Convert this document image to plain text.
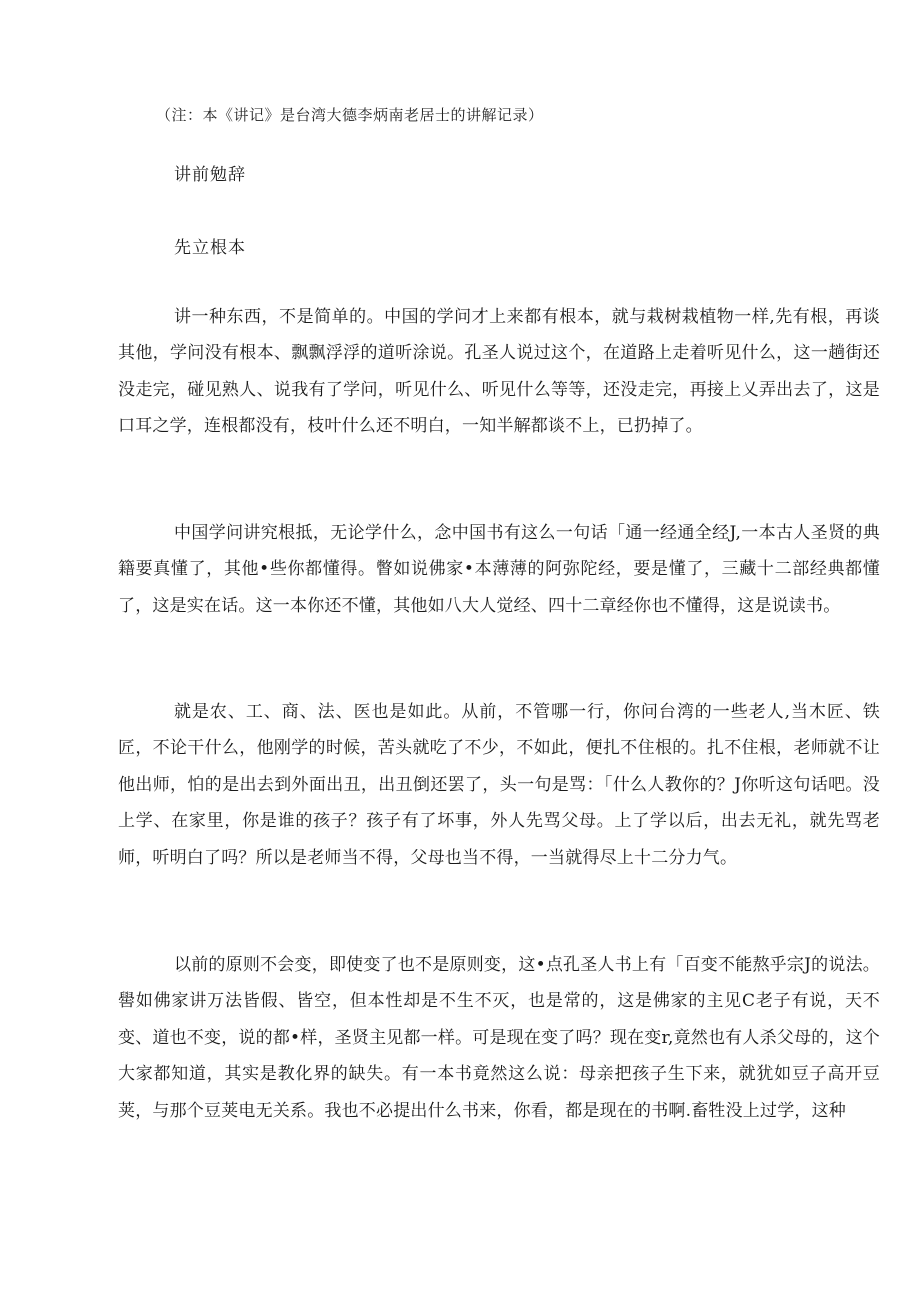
（注：本《讲记》是台湾大德李炳南老居士的讲解记录）
讲前勉辞
先立根本

讲一种东西，不是简单的。中国的学问才上来都有根本，就与栽树栽植物一样,先有根，再谈其他，学问没有根本、飘飘浮浮的道听涂说。孔圣人说过这个，在道路上走着听见什么，这一趟街还没走完，碰见熟人、说我有了学问，听见什么、听见什么等等，还没走完，再接上乂弄出去了，这是口耳之学，连根都没有，枝叶什么还不明白，一知半解都谈不上，已扔掉了。

中国学问讲究根抵，无论学什么，念中国书有这么一句话「通一经通全经J,一本古人圣贤的典籍要真懂了，其他•些你都懂得。瞥如说佛家•本薄薄的阿弥陀经，要是懂了，三藏十二部经典都懂了，这是实在话。这一本你还不懂，其他如八大人觉经、四十二章经你也不懂得，这是说读书。

就是农、工、商、法、医也是如此。从前，不管哪一行，你问台湾的一些老人,当木匠、铁匠，不论干什么，他刚学的时候，苦头就吃了不少，不如此，便扎不住根的。扎不住根，老师就不让他出师，怕的是出去到外面出丑，出丑倒还罢了，头一句是骂：「什么人教你的？J你听这句话吧。没上学、在家里，你是谁的孩子？孩子有了坏事，外人先骂父母。上了学以后，出去无礼，就先骂老师，听明白了吗？所以是老师当不得，父母也当不得，一当就得尽上十二分力气。

以前的原则不会变，即使变了也不是原则变，这•点孔圣人书上有「百变不能熬乎宗J的说法。嚳如佛家讲万法皆假、皆空，但本性却是不生不灭，也是常的，这是佛家的主见C老子有说，天不变、道也不变，说的都•样，圣贤主见都一样。可是现在变了吗？现在变r,竟然也有人杀父母的，这个大家都知道，其实是教化界的缺失。有一本书竟然这么说：母亲把孩子生下来，就犹如豆子高开豆荚，与那个豆荚电无关系。我也不必提出什么书来，你看，都是现在的书啊.畜牲没上过学，这种
